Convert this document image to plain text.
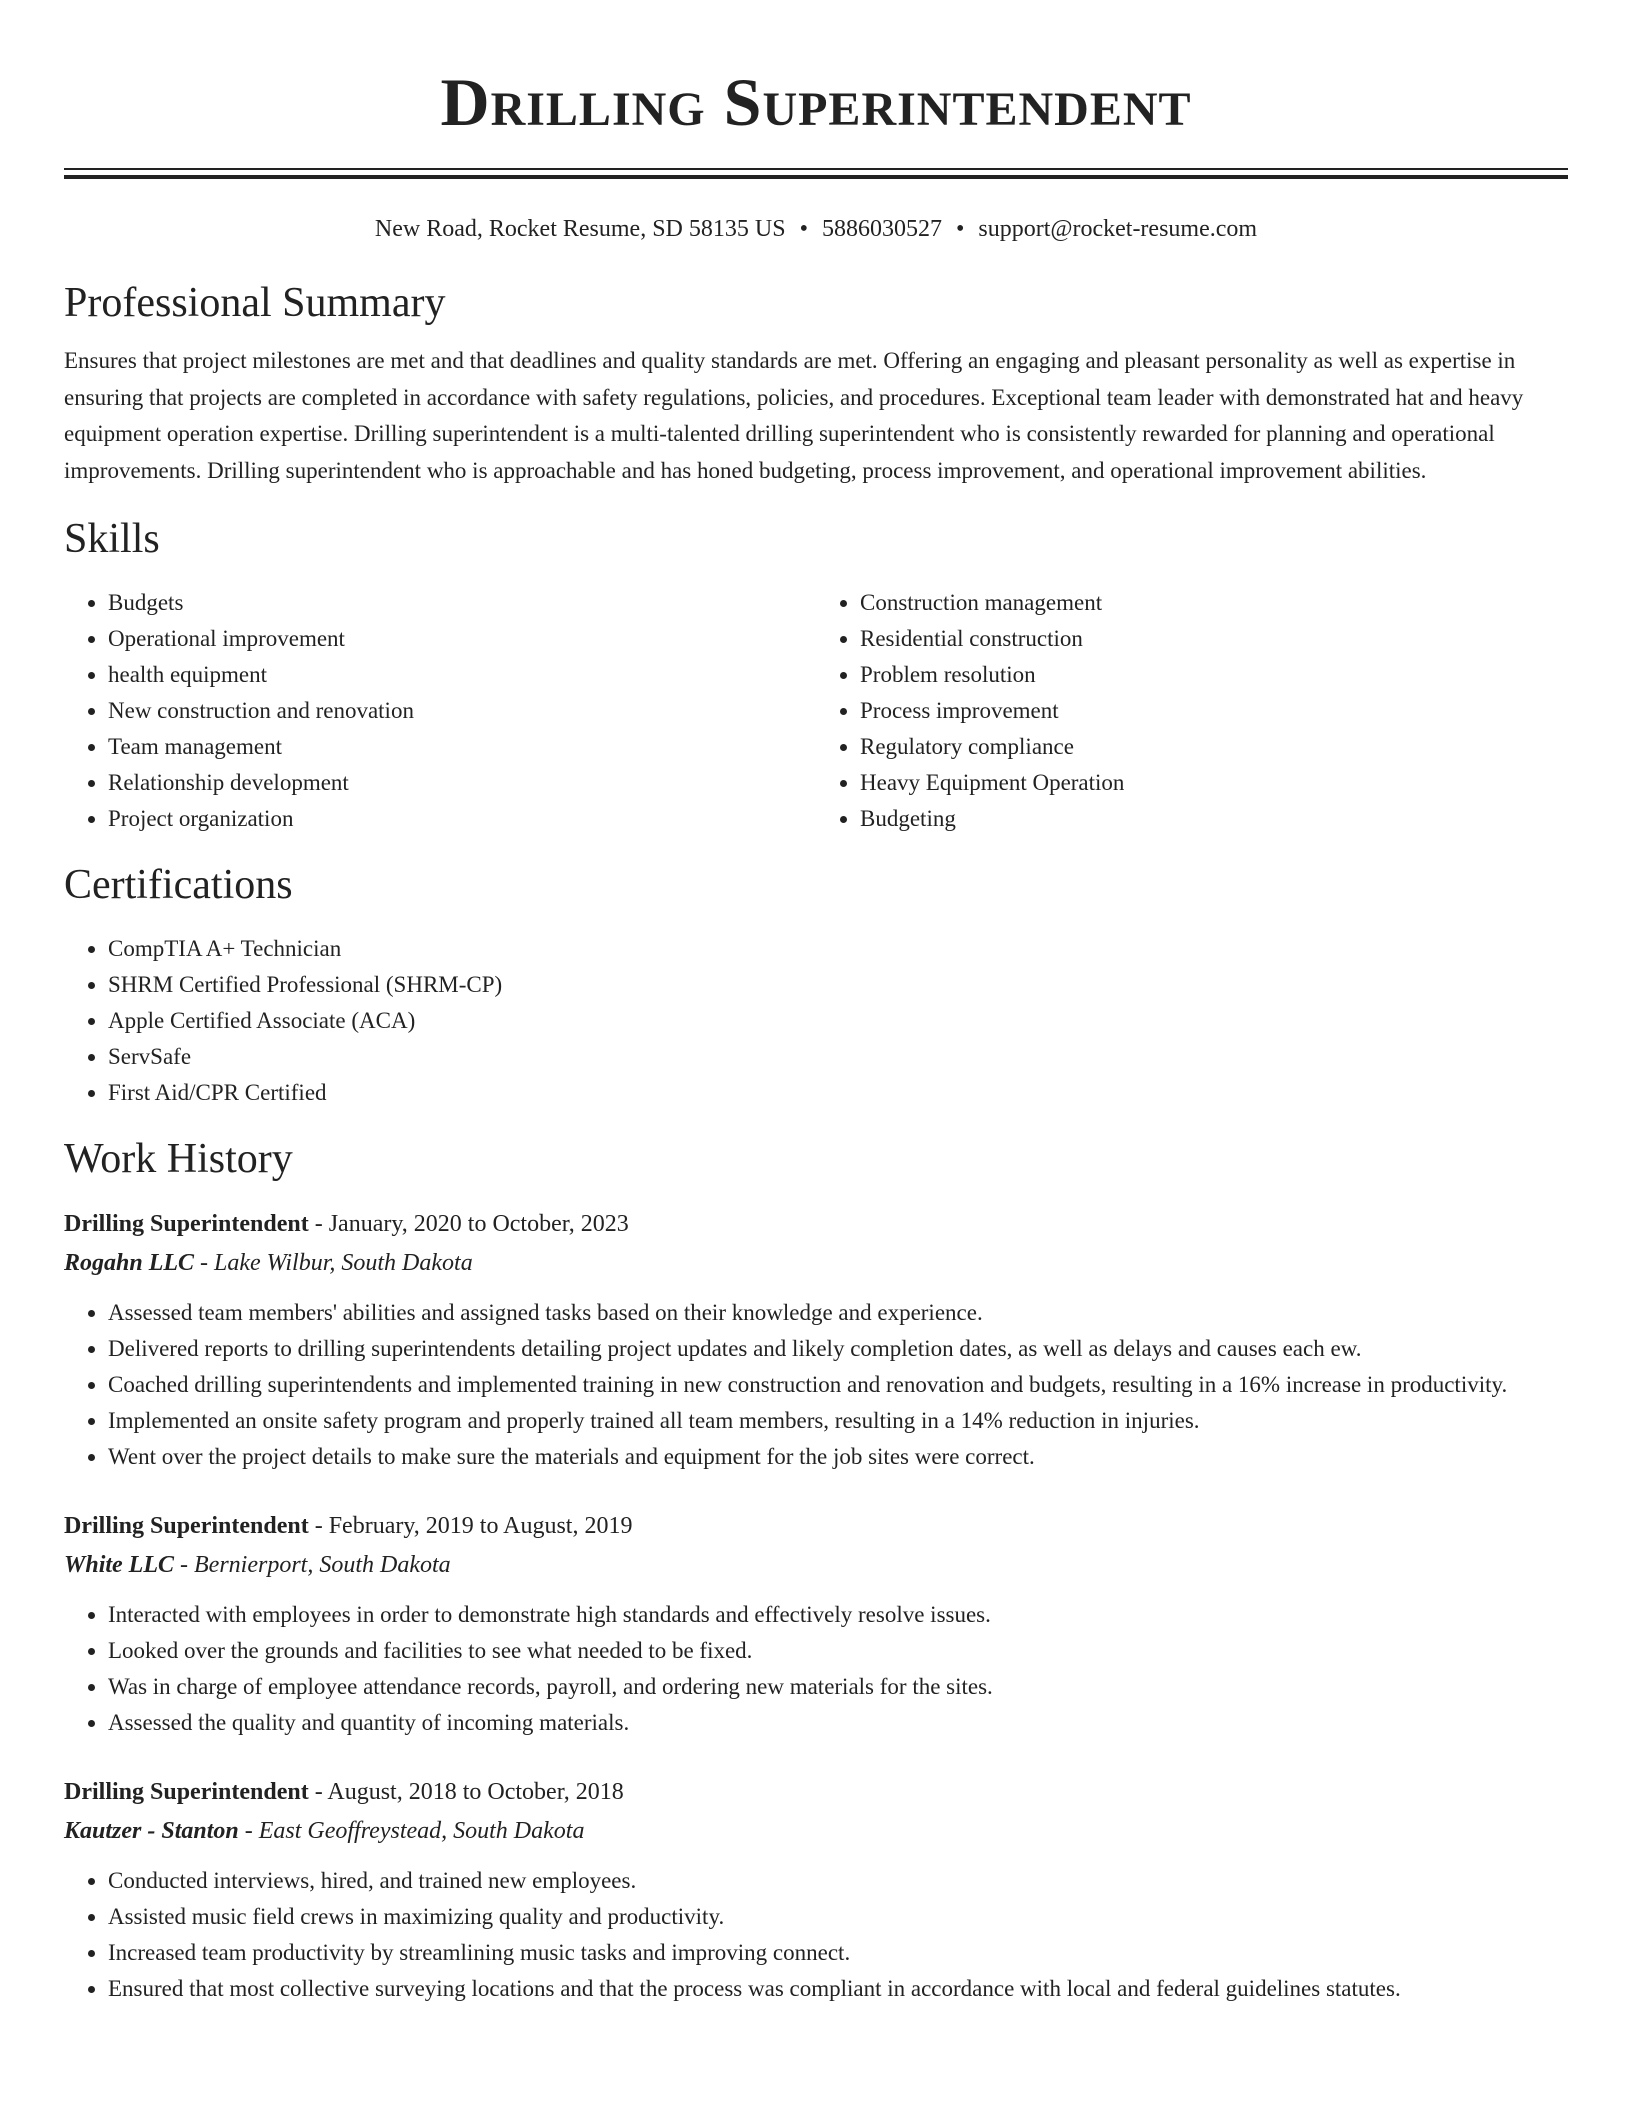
Drilling Superintendent
New Road, Rocket Resume, SD 58135 US • 5886030527 • support@rocket-resume.com
Professional Summary
Ensures that project milestones are met and that deadlines and quality standards are met. Offering an engaging and pleasant personality as well as expertise in ensuring that projects are completed in accordance with safety regulations, policies, and procedures. Exceptional team leader with demonstrated hat and heavy equipment operation expertise. Drilling superintendent is a multi-talented drilling superintendent who is consistently rewarded for planning and operational improvements. Drilling superintendent who is approachable and has honed budgeting, process improvement, and operational improvement abilities.
Skills
• Budgets
• Operational improvement
• health equipment
• New construction and renovation
• Team management
• Relationship development
• Project organization
• Construction management
• Residential construction
• Problem resolution
• Process improvement
• Regulatory compliance
• Heavy Equipment Operation
• Budgeting
Certifications
• CompTIA A+ Technician
• SHRM Certified Professional (SHRM-CP)
• Apple Certified Associate (ACA)
• ServSafe
• First Aid/CPR Certified
Work History
Drilling Superintendent - January, 2020 to October, 2023
Rogahn LLC - Lake Wilbur, South Dakota
• Assessed team members' abilities and assigned tasks based on their knowledge and experience.
• Delivered reports to drilling superintendents detailing project updates and likely completion dates, as well as delays and causes each ew.
• Coached drilling superintendents and implemented training in new construction and renovation and budgets, resulting in a 16% increase in productivity.
• Implemented an onsite safety program and properly trained all team members, resulting in a 14% reduction in injuries.
• Went over the project details to make sure the materials and equipment for the job sites were correct.
Drilling Superintendent - February, 2019 to August, 2019
White LLC - Bernierport, South Dakota
• Interacted with employees in order to demonstrate high standards and effectively resolve issues.
• Looked over the grounds and facilities to see what needed to be fixed.
• Was in charge of employee attendance records, payroll, and ordering new materials for the sites.
• Assessed the quality and quantity of incoming materials.
Drilling Superintendent - August, 2018 to October, 2018
Kautzer - Stanton - East Geoffreystead, South Dakota
• Conducted interviews, hired, and trained new employees.
• Assisted music field crews in maximizing quality and productivity.
• Increased team productivity by streamlining music tasks and improving connect.
• Ensured that most collective surveying locations and that the process was compliant in accordance with local and federal guidelines statutes.
